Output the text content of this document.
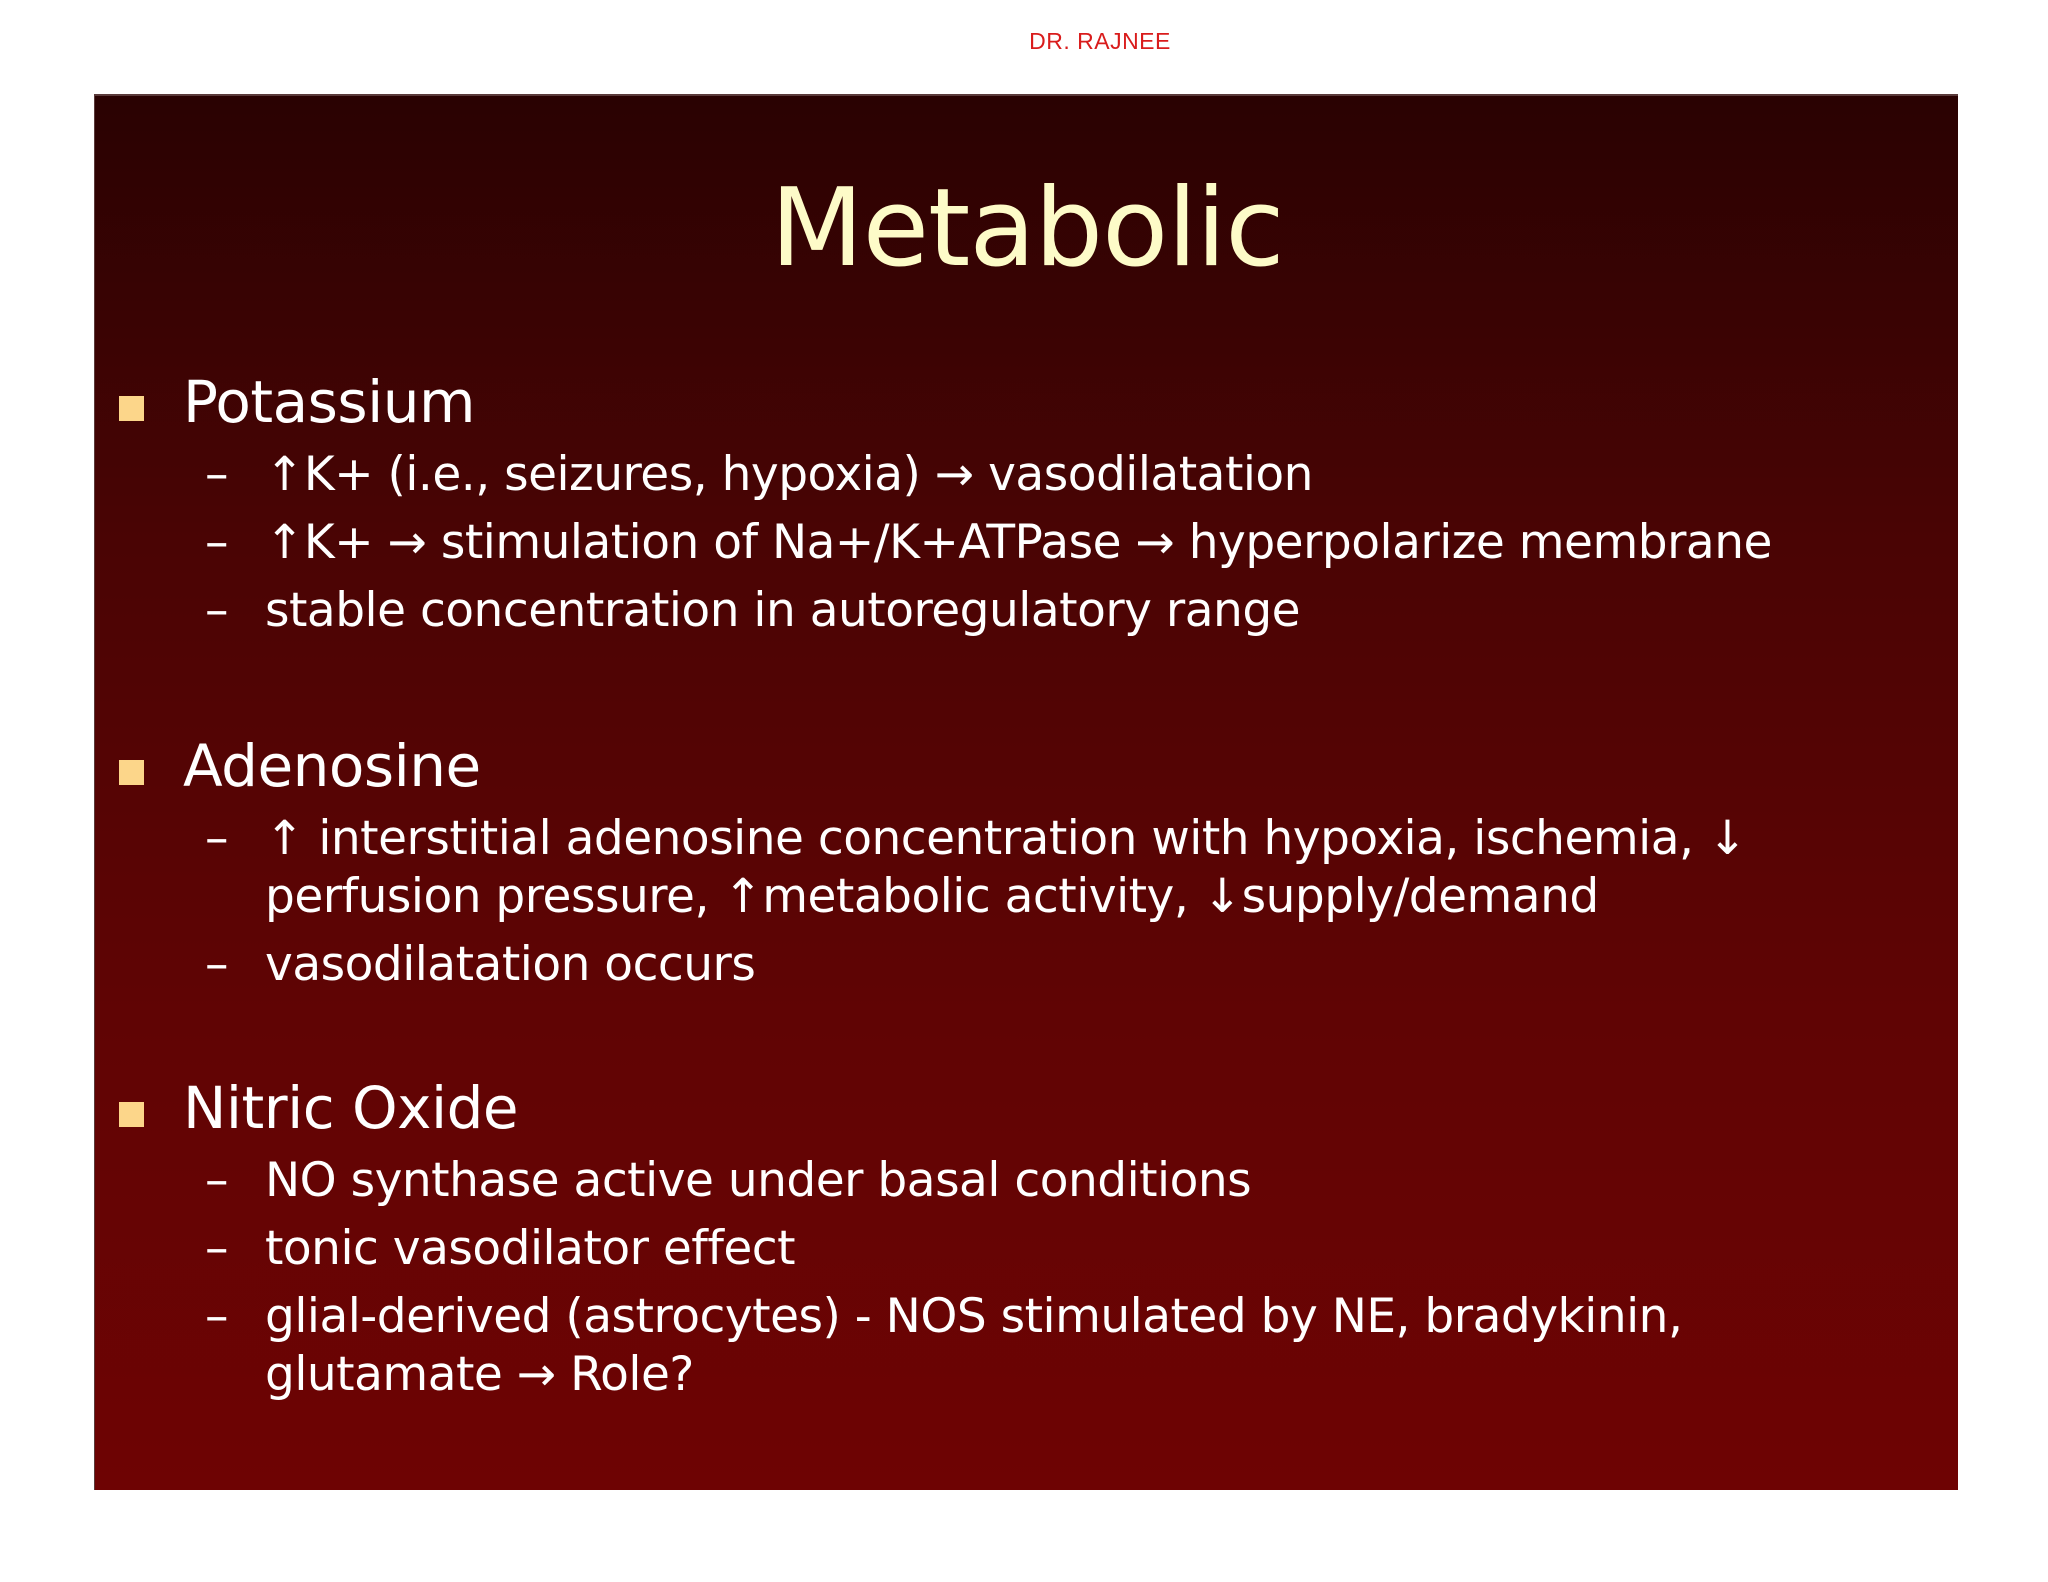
DR. RAJNEE
Metabolic
Potassium
– ↑K+ (i.e., seizures, hypoxia) → vasodilatation
– ↑K+ → stimulation of Na+/K+ATPase → hyperpolarize membrane
– stable concentration in autoregulatory range
Adenosine
– ↑ interstitial adenosine concentration with hypoxia, ischemia, ↓ perfusion pressure, ↑metabolic activity, ↓supply/demand
– vasodilatation occurs
Nitric Oxide
– NO synthase active under basal conditions
– tonic vasodilator effect
– glial-derived (astrocytes) - NOS stimulated by NE, bradykinin, glutamate → Role?
